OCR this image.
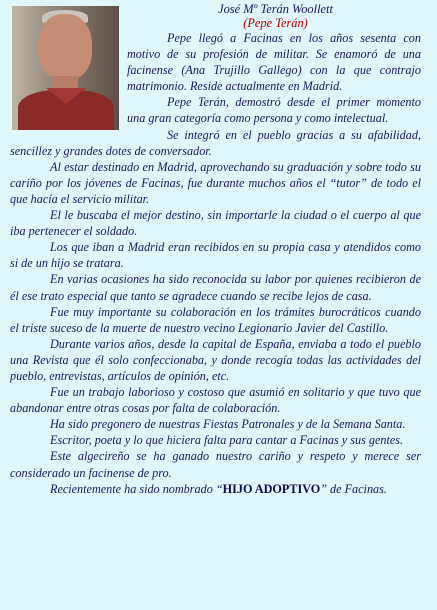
José Mº Terán Woollett
(Pepe Terán)

Pepe llegó a Facinas en los años sesenta con motivo de su profesión de militar. Se enamoró de una facinense (Ana Trujillo Gallego) con la que contrajo matrimonio. Reside actualmente en Madrid.

Pepe Terán, demostró desde el primer momento una gran categoría como persona y como intelectual.

Se integró en el pueblo gracias a su afabilidad, sencillez y grandes dotes de conversador.

Al estar destinado en Madrid, aprovechando su graduación y sobre todo su cariño por los jóvenes de Facinas, fue durante muchos años el “tutor” de todo el que hacía el servicio militar.

El le buscaba el mejor destino, sin importarle la ciudad o el cuerpo al que iba pertenecer el soldado.

Los que iban a Madrid eran recibidos en su propia casa y atendidos como si de un hijo se tratara.

En varias ocasiones ha sido reconocida su labor por quienes recibieron de él ese trato especial que tanto se agradece cuando se recibe lejos de casa.

Fue muy importante su colaboración en los trámites burocráticos cuando el triste suceso de la muerte de nuestro vecino Legionario Javier del Castillo.

Durante varios años, desde la capital de España, enviaba a todo el pueblo una Revista que él solo confeccionaba, y donde recogía todas las actividades del pueblo, entrevistas, artículos de opinión, etc.

Fue un trabajo laborioso y costoso que asumió en solitario y que tuvo que abandonar entre otras cosas por falta de colaboración.

Ha sido pregonero de nuestras Fiestas Patronales y de la Semana Santa.

Escritor, poeta y lo que hiciera falta para cantar a Facinas y sus gentes.

Este algecireño se ha ganado nuestro cariño y respeto y merece ser considerado un facinense de pro.

Recientemente ha sido nombrado “HIJO ADOPTIVO” de Facinas.
